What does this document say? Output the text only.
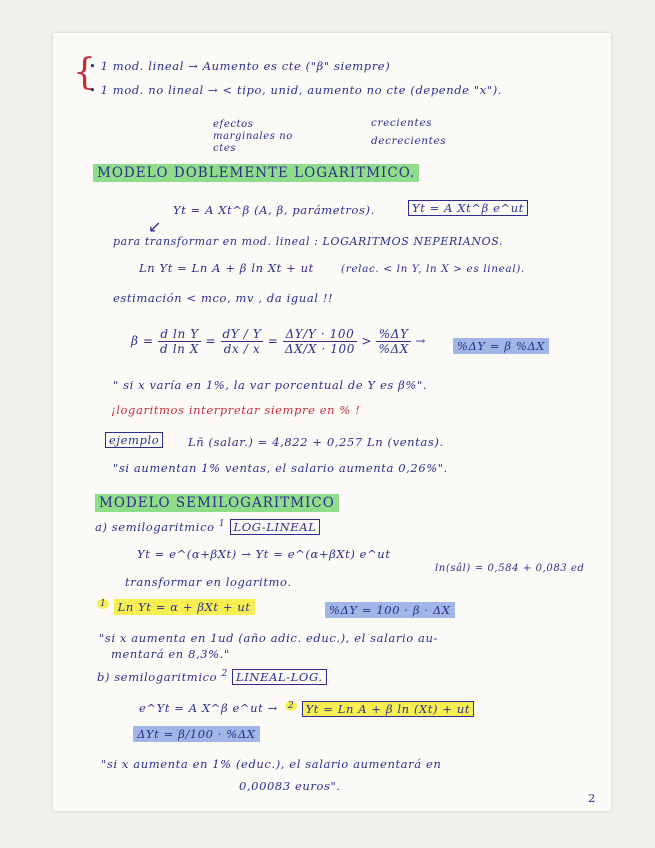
{
• 1 mod. lineal → Aumento es cte ("β" siempre)
• 1 mod. no lineal → < tipo, unid, aumento no cte (depende "x").
efectos marginales no ctes
crecientes
decrecientes
MODELO DOBLEMENTE LOGARITMICO.
Yt = A Xt^β (A, β, parámetros).	Yt = A Xt^β e^ut
↙
para transformar en mod. lineal : LOGARITMOS NEPERIANOS.
Ln Yt = Ln A + β ln Xt + ut	(relac. < ln Y, ln X > es lineal).
estimación < mco, mv , da igual !!
$\beta = \frac{\text{d ln Y}}{\text{d ln X}} = \frac{dY / Y}{dx / x} = \frac{\Delta Y/Y \cdot 100}{\Delta X/X \cdot 100} > \frac{\%\Delta Y}{\%\Delta X}$ →	%ΔY = β %ΔX
" si x varía en 1%, la var porcentual de Y es β%".
¡logaritmos interpretar siempre en % !
ejemplo	Lñ (salar.) = 4,822 + 0,257 Ln (ventas).
"si aumentan 1% ventas, el salario aumenta 0,26%".
MODELO SEMILOGARITMICO
a) semilogaritmico $^1$ LOG-LINEAL
Yt = e^(α+βXt) → Yt = e^(α+βXt) e^ut
ln(sâl) = 0,584 + 0,083 ed
transformar en logaritmo.
$^1$ Ln Yt = α + βXt + ut	%ΔY = 100 · β · ΔX
"si x aumenta en 1ud (año adic. educ.), el salario au-
mentará en 8,3%."
b) semilogaritmico $^2$ LINEAL-LOG.
e^Yt = A X^β e^ut →	$^2$ Yt = Ln A + β ln (Xt) + ut
ΔYt = β/100 · %ΔX
"si x aumenta en 1% (educ.), el salario aumentará en
0,00083 euros".
2
